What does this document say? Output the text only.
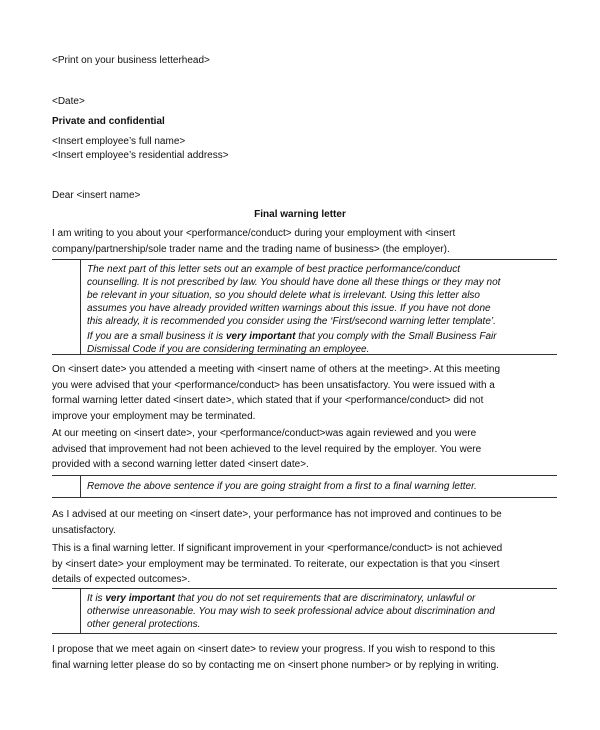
<Print on your business letterhead>
<Date>
Private and confidential
<Insert employee’s full name>
<Insert employee’s residential address>
Dear <insert name>
Final warning letter
I am writing to you about your <performance/conduct> during your employment with <insert
company/partnership/sole trader name and the trading name of business> (the employer).
The next part of this letter sets out an example of best practice performance/conduct
counselling. It is not prescribed by law. You should have done all these things or they may not
be relevant in your situation, so you should delete what is irrelevant. Using this letter also
assumes you have already provided written warnings about this issue. If you have not done
this already, it is recommended you consider using the ‘First/second warning letter template’.
If you are a small business it is very important that you comply with the Small Business Fair
Dismissal Code if you are considering terminating an employee.
On <insert date> you attended a meeting with <insert name of others at the meeting>. At this meeting
you were advised that your <performance/conduct> has been unsatisfactory. You were issued with a
formal warning letter dated <insert date>, which stated that if your <performance/conduct> did not
improve your employment may be terminated.
At our meeting on <insert date>, your <performance/conduct>was again reviewed and you were
advised that improvement had not been achieved to the level required by the employer. You were
provided with a second warning letter dated <insert date>.
Remove the above sentence if you are going straight from a first to a final warning letter.
As I advised at our meeting on <insert date>, your performance has not improved and continues to be
unsatisfactory.
This is a final warning letter. If significant improvement in your <performance/conduct> is not achieved
by <insert date> your employment may be terminated. To reiterate, our expectation is that you <insert
details of expected outcomes>.
It is very important that you do not set requirements that are discriminatory, unlawful or
otherwise unreasonable. You may wish to seek professional advice about discrimination and
other general protections.
I propose that we meet again on <insert date> to review your progress. If you wish to respond to this
final warning letter please do so by contacting me on <insert phone number> or by replying in writing.
